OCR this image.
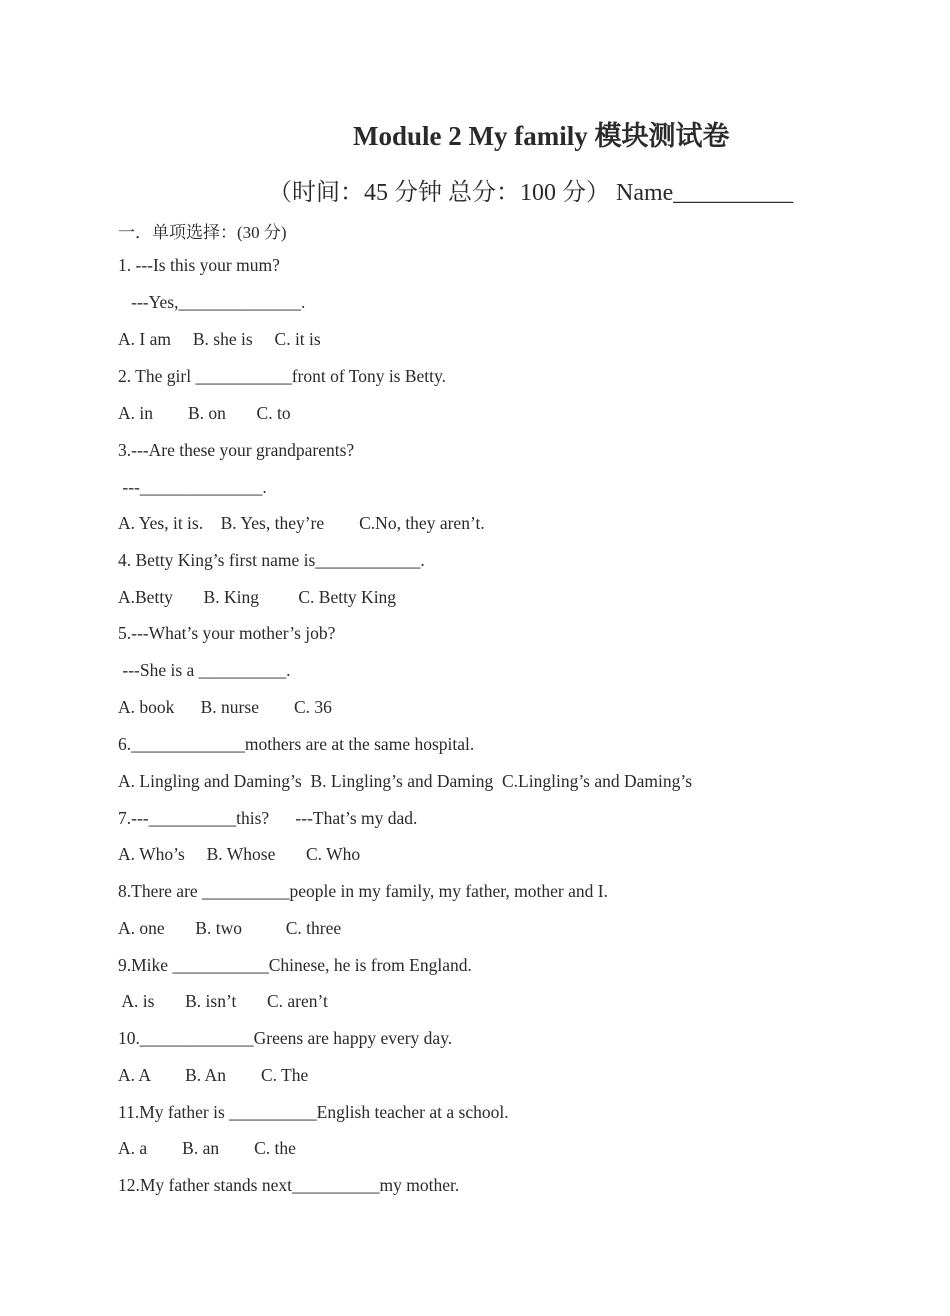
Module 2 My family 模块测试卷
（时间：45 分钟 总分：100 分） Name__________
一．单项选择：(30 分)
1. ---Is this your mum?
---Yes,______________.
A. I am     B. she is     C. it is
2. The girl ___________front of Tony is Betty.
A. in        B. on       C. to
3.---Are these your grandparents?
---______________.
A. Yes, it is.    B. Yes, they’re        C.No, they aren’t.
4. Betty King’s first name is____________.
A.Betty       B. King         C. Betty King
5.---What’s your mother’s job?
---She is a __________.
A. book      B. nurse        C. 36
6._____________mothers are at the same hospital.
A. Lingling and Daming’s  B. Lingling’s and Daming  C.Lingling’s and Daming’s
7.---__________this?      ---That’s my dad.
A. Who’s     B. Whose       C. Who
8.There are __________people in my family, my father, mother and I.
A. one       B. two          C. three
9.Mike ___________Chinese, he is from England.
A. is       B. isn’t       C. aren’t
10._____________Greens are happy every day.
A. A        B. An        C. The
11.My father is __________English teacher at a school.
A. a        B. an        C. the
12.My father stands next__________my mother.
